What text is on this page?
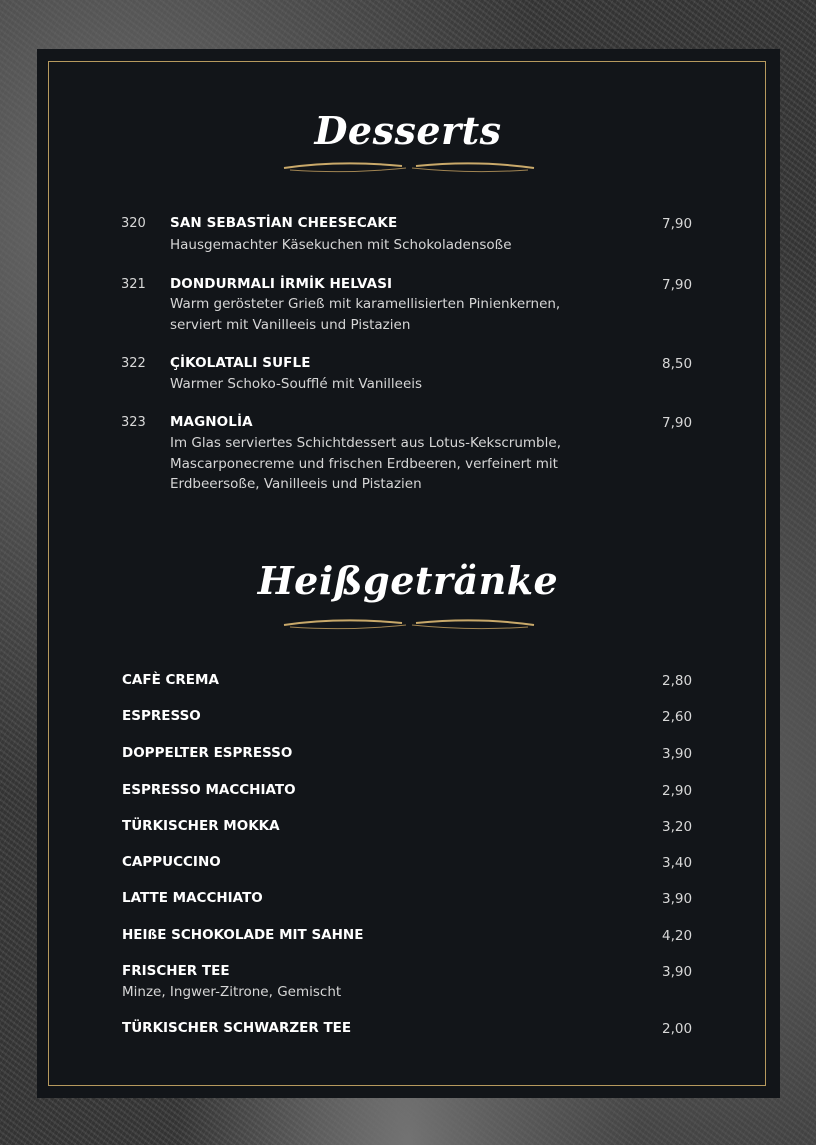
Desserts
320 SAN SEBASTİAN CHEESECAKE

Hausgemachter Käsekuchen mit Schokoladensoße

7,90
321 DONDURMALI İRMİK HELVASI

Warm gerösteter Grieß mit karamellisierten Pinienkernen, serviert mit Vanilleeis und Pistazien

7,90
322 ÇİKOLATALI SUFLE

Warmer Schoko-Soufflé mit Vanilleeis

8,50
323 MAGNOLİA

Im Glas serviertes Schichtdessert aus Lotus-Kekscrumble, Mascarponecreme und frischen Erdbeeren, verfeinert mit Erdbeersoße, Vanilleeis und Pistazien

7,90
Heißgetränke
CAFÈ CREMA	2,80
ESPRESSO	2,60
DOPPELTER ESPRESSO	3,90
ESPRESSO MACCHIATO	2,90
TÜRKISCHER MOKKA	3,20
CAPPUCCINO	3,40
LATTE MACCHIATO	3,90
HEIßE SCHOKOLADE MIT SAHNE	4,20
FRISCHER TEE
Minze, Ingwer-Zitrone, Gemischt
3,90
TÜRKISCHER SCHWARZER TEE	2,00
